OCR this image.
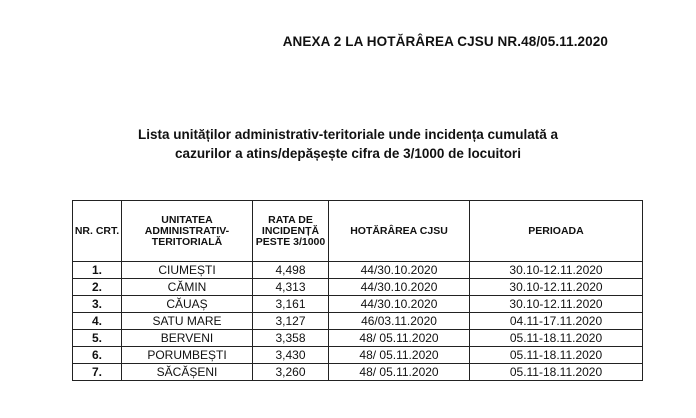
ANEXA 2 LA HOTĂRÂREA CJSU NR.48/05.11.2020
Lista unităților administrativ-teritoriale unde incidența cumulată a
cazurilor a atins/depășește cifra de 3/1000 de locuitori
NR. CRT.	UNITATEA ADMINISTRATIV-TERITORIALĂ	RATA DE INCIDENȚĂ PESTE 3/1000	HOTĂRÂREA CJSU	PERIOADA
1.	CIUMEȘTI	4,498	44/30.10.2020	30.10-12.11.2020
2.	CĂMIN	4,313	44/30.10.2020	30.10-12.11.2020
3.	CĂUAȘ	3,161	44/30.10.2020	30.10-12.11.2020
4.	SATU MARE	3,127	46/03.11.2020	04.11-17.11.2020
5.	BERVENI	3,358	48/ 05.11.2020	05.11-18.11.2020
6.	PORUMBEȘTI	3,430	48/ 05.11.2020	05.11-18.11.2020
7.	SĂCĂȘENI	3,260	48/ 05.11.2020	05.11-18.11.2020
